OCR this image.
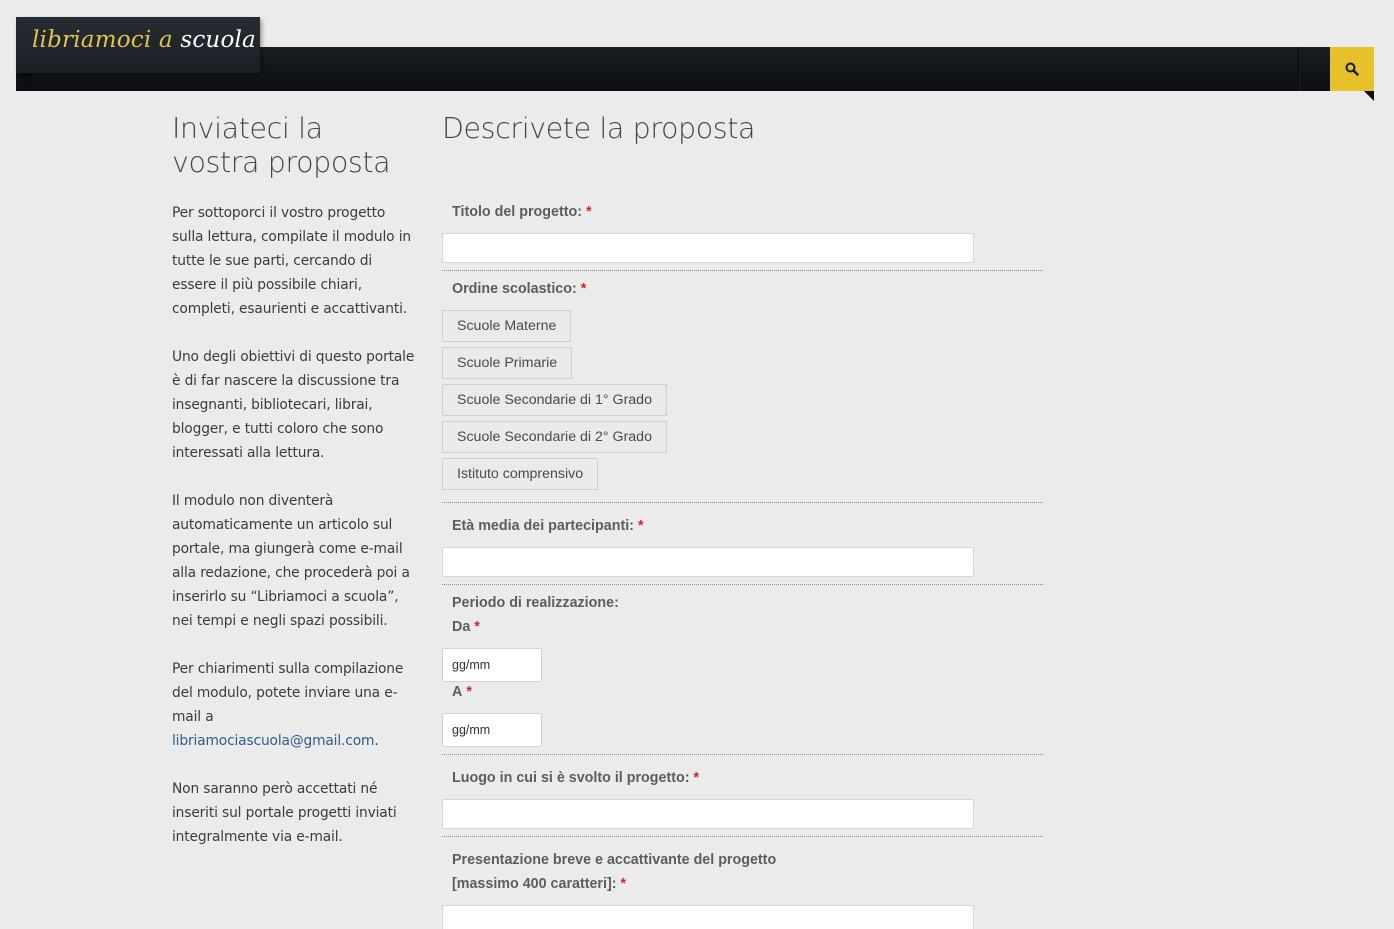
libriamoci a scuola
Inviateci la vostra proposta

Per sottoporci il vostro progetto sulla lettura, compilate il modulo in tutte le sue parti, cercando di essere il più possibile chiari, completi, esaurienti e accattivanti.

Uno degli obiettivi di questo portale è di far nascere la discussione tra insegnanti, bibliotecari, librai, blogger, e tutti coloro che sono interessati alla lettura.

Il modulo non diventerà automaticamente un articolo sul portale, ma giungerà come e-mail alla redazione, che procederà poi a inserirlo su “Libriamoci a scuola”, nei tempi e negli spazi possibili.

Per chiarimenti sulla compilazione del modulo, potete inviare una e-mail a libriamociascuola@gmail.com.

Non saranno però accettati né inseriti sul portale progetti inviati integralmente via e-mail.

Descrivete la proposta
Titolo del progetto: *
Ordine scolastico: *
Scuole Materne
Scuole Primarie
Scuole Secondarie di 1° Grado
Scuole Secondarie di 2° Grado
Istituto comprensivo
Età media dei partecipanti: *
Periodo di realizzazione:
Da *
gg/mm
A *
gg/mm
Luogo in cui si è svolto il progetto: *
Presentazione breve e accattivante del progetto
[massimo 400 caratteri]: *
